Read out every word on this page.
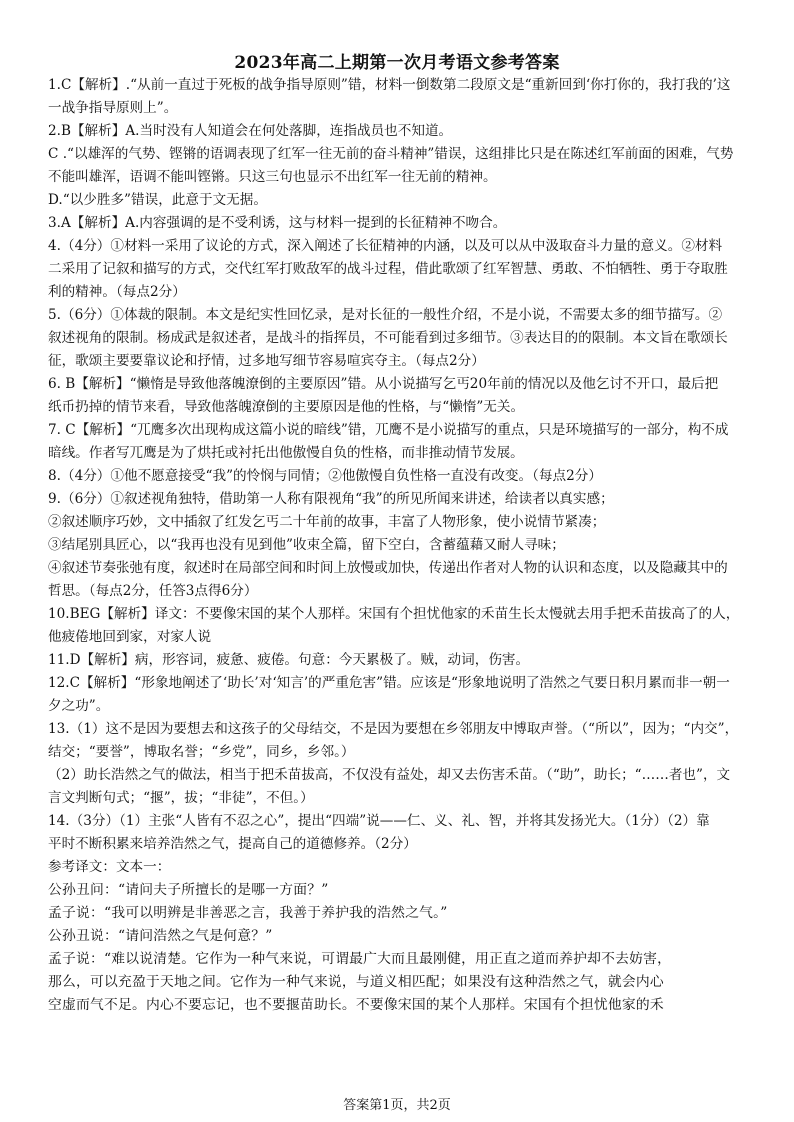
2023年高二上期第一次月考语文参考答案
1.C【解析】.“从前一直过于死板的战争指导原则”错，材料一倒数第二段原文是“重新回到‘你打你的，我打我的’这
一战争指导原则上”。
2.B【解析】A.当时没有人知道会在何处落脚，连指战员也不知道。
C .“以雄浑的气势、铿锵的语调表现了红军一往无前的奋斗精神”错误，这组排比只是在陈述红军前面的困难，气势
不能叫雄浑，语调不能叫铿锵。只这三句也显示不出红军一往无前的精神。
D.“以少胜多”错误，此意于文无据。
3.A【解析】A.内容强调的是不受利诱，这与材料一提到的长征精神不吻合。
4.（4分）①材料一采用了议论的方式，深入阐述了长征精神的内涵，以及可以从中汲取奋斗力量的意义。②材料
二采用了记叙和描写的方式，交代红军打败敌军的战斗过程，借此歌颂了红军智慧、勇敢、不怕牺牲、勇于夺取胜
利的精神。（每点2分）
5.（6分）①体裁的限制。本文是纪实性回忆录，是对长征的一般性介绍，不是小说，不需要太多的细节描写。②
叙述视角的限制。杨成武是叙述者，是战斗的指挥员，不可能看到过多细节。③表达目的的限制。本文旨在歌颂长
征，歌颂主要要靠议论和抒情，过多地写细节容易喧宾夺主。（每点2分）
6. B【解析】“懒惰是导致他落魄潦倒的主要原因”错。从小说描写乞丐20年前的情况以及他乞讨不开口，最后把
纸币扔掉的情节来看，导致他落魄潦倒的主要原因是他的性格，与“懒惰”无关。
7. C【解析】“兀鹰多次出现构成这篇小说的暗线”错，兀鹰不是小说描写的重点，只是环境描写的一部分，构不成
暗线。作者写兀鹰是为了烘托或衬托出他傲慢自负的性格，而非推动情节发展。
8.（4分）①他不愿意接受“我”的怜悯与同情；②他傲慢自负性格一直没有改变。（每点2分）
9.（6分）①叙述视角独特，借助第一人称有限视角“我”的所见所闻来讲述，给读者以真实感；
②叙述顺序巧妙，文中插叙了红发乞丐二十年前的故事，丰富了人物形象，使小说情节紧凑；
③结尾别具匠心，以“我再也没有见到他”收束全篇，留下空白，含蓄蕴藉又耐人寻味；
④叙述节奏张弛有度，叙述时在局部空间和时间上放慢或加快，传递出作者对人物的认识和态度，以及隐藏其中的
哲思。（每点2分，任答3点得6分）
10.BEG【解析】译文：不要像宋国的某个人那样。宋国有个担忧他家的禾苗生长太慢就去用手把禾苗拔高了的人，
他疲倦地回到家，对家人说
11.D【解析】病，形容词，疲惫、疲倦。句意：今天累极了。贼，动词，伤害。
12.C【解析】“形象地阐述了‘助长’对‘知言’的严重危害”错。应该是“形象地说明了浩然之气要日积月累而非一朝一
夕之功”。
13.（1）这不是因为要想去和这孩子的父母结交，不是因为要想在乡邻朋友中博取声誉。（“所以”，因为；“内交”，
结交；“要誉”，博取名誉；“乡党”，同乡，乡邻。）
（2）助长浩然之气的做法，相当于把禾苗拔高，不仅没有益处，却又去伤害禾苗。（“助”，助长；“……者也”，文
言文判断句式；“揠”，拔；“非徒”，不但。）
14.（3分）（1）主张“人皆有不忍之心”，提出“四端”说——仁、义、礼、智，并将其发扬光大。（1分）（2）靠
平时不断积累来培养浩然之气，提高自己的道德修养。（2分）
参考译文：文本一：
公孙丑问：“请问夫子所擅长的是哪一方面？”
孟子说：“我可以明辨是非善恶之言，我善于养护我的浩然之气。”
公孙丑说：“请问浩然之气是何意？”
孟子说：“难以说清楚。它作为一种气来说，可谓最广大而且最刚健，用正直之道而养护却不去妨害，
那么，可以充盈于天地之间。它作为一种气来说，与道义相匹配；如果没有这种浩然之气，就会内心
空虚而气不足。内心不要忘记，也不要揠苗助长。不要像宋国的某个人那样。宋国有个担忧他家的禾
答案第1页，共2页
